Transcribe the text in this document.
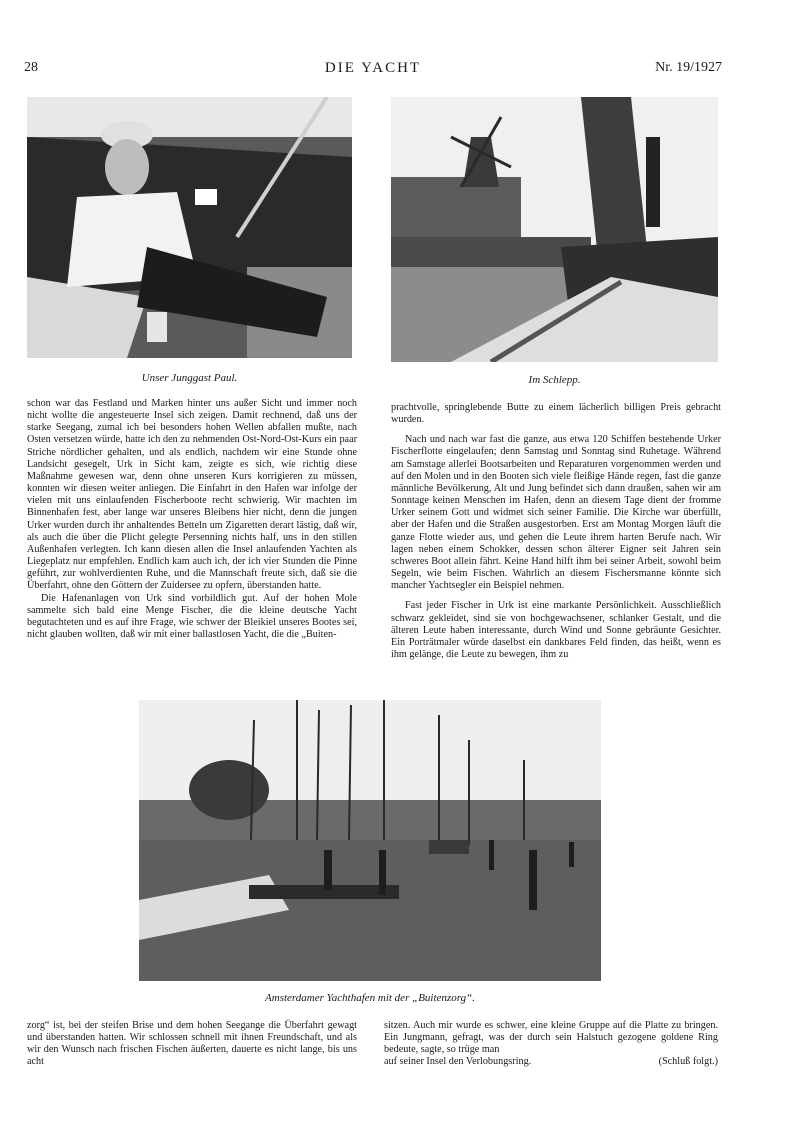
28	DIE YACHT	Nr. 19/1927
Unser Junggast Paul.	Im Schlepp.

schon war das Festland und Marken hinter uns außer Sicht und immer noch nicht wollte die angesteuerte Insel sich zeigen. Damit rechnend, daß uns der starke Seegang, zumal ich bei besonders hohen Wellen abfallen mußte, nach Osten versetzen würde, hatte ich den zu nehmenden Ost-Nord-Ost-Kurs ein paar Striche nördlicher gehalten, und als endlich, nachdem wir eine Stunde ohne Landsicht gesegelt, Urk in Sicht kam, zeigte es sich, wie richtig diese Maßnahme gewesen war, denn ohne unseren Kurs korrigieren zu müssen, konnten wir diesen weiter anliegen. Die Einfahrt in den Hafen war infolge der vielen mit uns einlaufenden Fischerboote recht schwierig. Wir machten im Binnenhafen fest, aber lange war unseres Bleibens hier nicht, denn die jungen Urker wurden durch ihr anhaltendes Betteln um Zigaretten derart lästig, daß wir, als auch die über die Plicht gelegte Persenning nichts half, uns in den stillen Außenhafen verlegten. Ich kann diesen allen die Insel anlaufenden Yachten als Liegeplatz nur empfehlen. Endlich kam auch ich, der ich vier Stunden die Pinne geführt, zur wohlverdienten Ruhe, und die Mannschaft freute sich, daß sie die Überfahrt, ohne den Göttern der Zuidersee zu opfern, überstanden hatte.

Die Hafenanlagen von Urk sind vorbildlich gut. Auf der hohen Mole sammelte sich bald eine Menge Fischer, die die kleine deutsche Yacht begutachteten und es auf ihre Frage, wie schwer der Bleikiel unseres Bootes sei, nicht glauben wollten, daß wir mit einer ballastlosen Yacht, die die „Buiten-

prachtvolle, springlebende Butte zu einem lächerlich billigen Preis gebracht wurden.

Nach und nach war fast die ganze, aus etwa 120 Schiffen bestehende Urker Fischerflotte eingelaufen; denn Samstag und Sonntag sind Ruhetage. Während am Samstage allerlei Bootsarbeiten und Reparaturen vorgenommen werden und auf den Molen und in den Booten sich viele fleißige Hände regen, fast die ganze männliche Bevölkerung, Alt und Jung befindet sich dann draußen, sahen wir am Sonntage keinen Menschen im Hafen, denn an diesem Tage dient der fromme Urker seinem Gott und widmet sich seiner Familie. Die Kirche war überfüllt, aber der Hafen und die Straßen ausgestorben. Erst am Montag Morgen läuft die ganze Flotte wieder aus, und gehen die Leute ihrem harten Berufe nach. Wir lagen neben einem Schokker, dessen schon älterer Eigner seit Jahren sein schweres Boot allein fährt. Keine Hand hilft ihm bei seiner Arbeit, sowohl beim Segeln, wie beim Fischen. Wahrlich an diesem Fischersmanne könnte sich mancher Yachtsegler ein Beispiel nehmen.

Fast jeder Fischer in Urk ist eine markante Persönlichkeit. Ausschließlich schwarz gekleidet, sind sie von hochgewachsener, schlanker Gestalt, und die älteren Leute haben interessante, durch Wind und Sonne gebräunte Gesichter. Ein Porträtmaler würde daselbst ein dankbares Feld finden, das heißt, wenn es ihm gelänge, die Leute zu bewegen, ihm zu

Amsterdamer Yachthafen mit der „Buitenzorg“.

zorg“ ist, bei der steifen Brise und dem hohen Seegange die Überfahrt gewagt und überstanden hatten. Wir schlossen schnell mit ihnen Freundschaft, und als wir den Wunsch nach frischen Fischen äußerten, dauerte es nicht lange, bis uns acht

sitzen. Auch mir wurde es schwer, eine kleine Gruppe auf die Platte zu bringen. Ein Jungmann, gefragt, was der durch sein Halstuch gezogene goldene Ring bedeute, sagte, so trüge man

auf seiner Insel den Verlobungsring.	(Schluß folgt.)
